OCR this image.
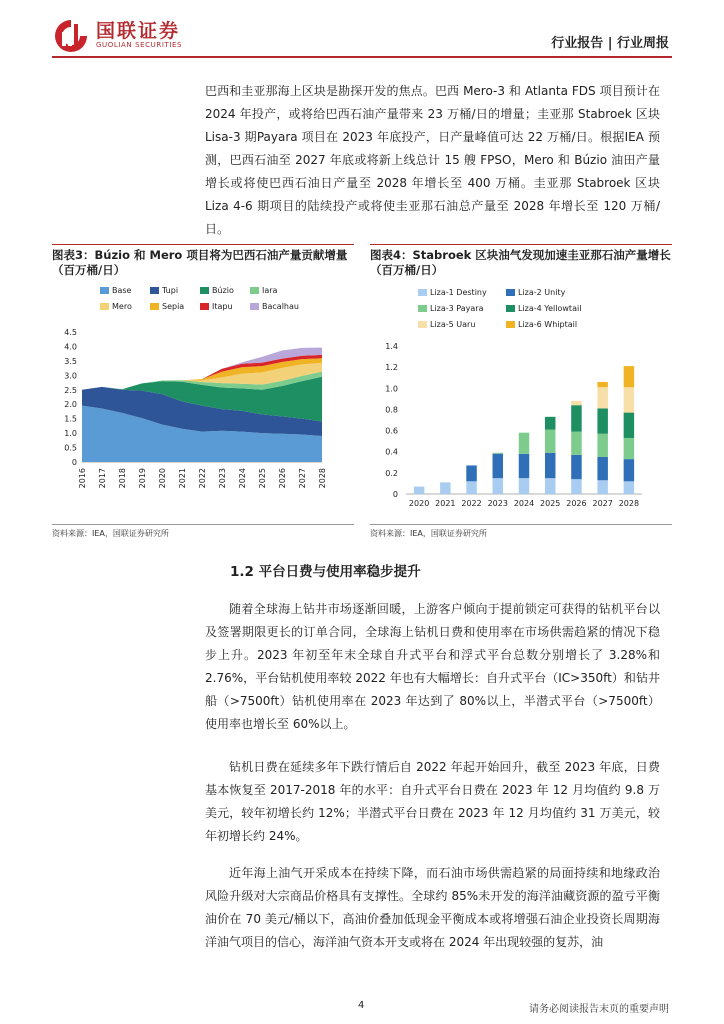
国联证券
GUOLIAN SECURITIES	行业报告 | 行业周报
巴西和圭亚那海上区块是勘探开发的焦点。巴西 Mero-3 和 Atlanta FDS 项目预计在 2024 年投产，或将给巴西石油产量带来 23 万桶/日的增量；圭亚那 Stabroek 区块 Lisa-3 期Payara 项目在 2023 年底投产，日产量峰值可达 22 万桶/日。根据IEA 预测，巴西石油至 2027 年底或将新上线总计 15 艘 FPSO，Mero 和 Búzio 油田产量增长或将使巴西石油日产量至 2028 年增长至 400 万桶。圭亚那 Stabroek 区块 Liza 4-6 期项目的陆续投产或将使圭亚那石油总产量至 2028 年增长至 120 万桶/日。
图表3：Búzio 和 Mero 项目将为巴西石油产量贡献增量（百万桶/日）
Base	Tupi	Búzio	Iara
Mero	Sepia	Itapu	Bacalhau
0
0.5
1.0
1.5
2.0
2.5
3.0
3.5
4.0
4.5
2016 2017 2018 2019 2020 2021 2022 2023 2024 2025 2026 2027 2028
资料来源：IEA，国联证券研究所
图表4：Stabroek 区块油气发现加速圭亚那石油产量增长（百万桶/日）
Liza-1 Destiny	Liza-2 Unity
Liza-3 Payara	Liza-4 Yellowtail
Liza-5 Uaru	Liza-6 Whiptail
0
0.2
0.4
0.6
0.8
1.0
1.2
1.4
2020 2021 2022 2023 2024 2025 2026 2027 2028
资料来源：IEA，国联证券研究所
1.2 平台日费与使用率稳步提升
随着全球海上钻井市场逐渐回暖，上游客户倾向于提前锁定可获得的钻机平台以及签署期限更长的订单合同，全球海上钻机日费和使用率在市场供需趋紧的情况下稳步上升。2023 年初至年末全球自升式平台和浮式平台总数分别增长了 3.28%和 2.76%，平台钻机使用率较 2022 年也有大幅增长：自升式平台（IC>350ft）和钻井船（>7500ft）钻机使用率在 2023 年达到了 80%以上，半潜式平台（>7500ft）使用率也增长至 60%以上。
钻机日费在延续多年下跌行情后自 2022 年起开始回升，截至 2023 年底，日费基本恢复至 2017-2018 年的水平：自升式平台日费在 2023 年 12 月均值约 9.8 万美元，较年初增长约 12%；半潜式平台日费在 2023 年 12 月均值约 31 万美元，较年初增长约 24%。
近年海上油气开采成本在持续下降，而石油市场供需趋紧的局面持续和地缘政治风险升级对大宗商品价格具有支撑性。全球约 85%未开发的海洋油藏资源的盈亏平衡油价在 70 美元/桶以下，高油价叠加低现金平衡成本或将增强石油企业投资长周期海洋油气项目的信心，海洋油气资本开支或将在 2024 年出现较强的复苏，油
4	请务必阅读报告末页的重要声明
